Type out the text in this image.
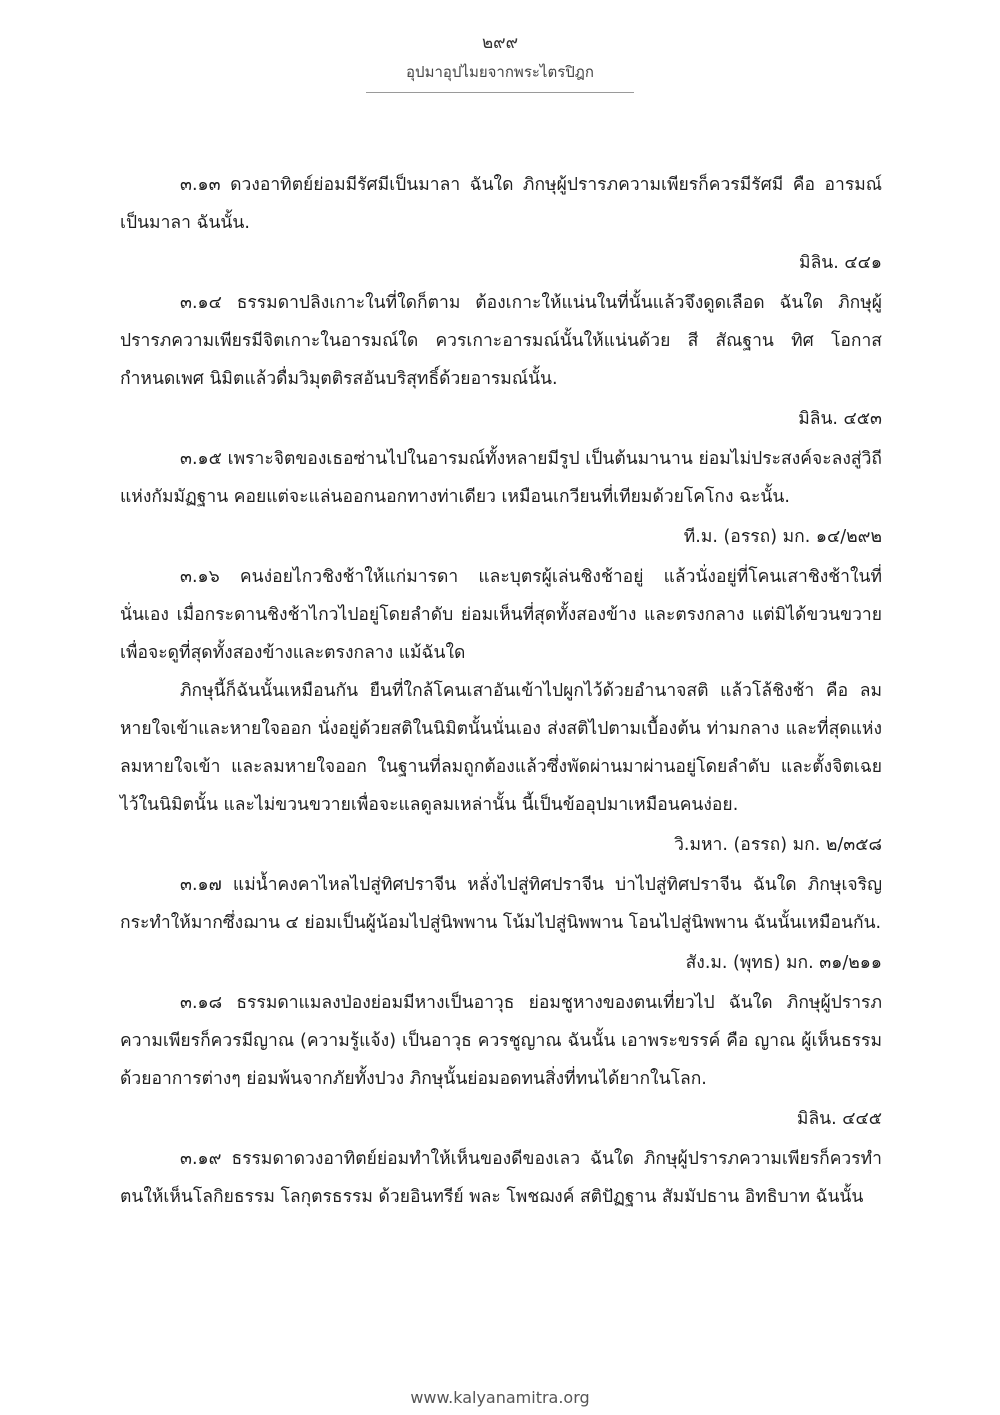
๒๙๙
อุปมาอุปไมยจากพระไตรปิฎก

๓.๑๓ ดวงอาทิตย์ย่อมมีรัศมีเป็นมาลา ฉันใด ภิกษุผู้ปรารภความเพียรก็ควรมีรัศมี คือ อารมณ์เป็นมาลา ฉันนั้น.

มิลิน. ๔๔๑

๓.๑๔ ธรรมดาปลิงเกาะในที่ใดก็ตาม ต้องเกาะให้แน่นในที่นั้นแล้วจึงดูดเลือด ฉันใด ภิกษุผู้ปรารภความเพียรมีจิตเกาะในอารมณ์ใด ควรเกาะอารมณ์นั้นให้แน่นด้วย สี สัณฐาน ทิศ โอกาส กำหนดเพศ นิมิตแล้วดื่มวิมุตติรสอันบริสุทธิ์ด้วยอารมณ์นั้น.

มิลิน. ๔๕๓

๓.๑๕ เพราะจิตของเธอซ่านไปในอารมณ์ทั้งหลายมีรูป เป็นต้นมานาน ย่อมไม่ประสงค์จะลงสู่วิถีแห่งกัมมัฏฐาน คอยแต่จะแล่นออกนอกทางท่าเดียว เหมือนเกวียนที่เทียมด้วยโคโกง ฉะนั้น.

ที.ม. (อรรถ) มก. ๑๔/๒๙๒

๓.๑๖ คนง่อยไกวชิงช้าให้แก่มารดา และบุตรผู้เล่นชิงช้าอยู่ แล้วนั่งอยู่ที่โคนเสาชิงช้าในที่นั่นเอง เมื่อกระดานชิงช้าไกวไปอยู่โดยลำดับ ย่อมเห็นที่สุดทั้งสองข้าง และตรงกลาง แต่มิได้ขวนขวายเพื่อจะดูที่สุดทั้งสองข้างและตรงกลาง แม้ฉันใด

ภิกษุนี้ก็ฉันนั้นเหมือนกัน ยืนที่ใกล้โคนเสาอันเข้าไปผูกไว้ด้วยอำนาจสติ แล้วโล้ชิงช้า คือ ลมหายใจเข้าและหายใจออก นั่งอยู่ด้วยสติในนิมิตนั้นนั่นเอง ส่งสติไปตามเบื้องต้น ท่ามกลาง และที่สุดแห่งลมหายใจเข้า และลมหายใจออก ในฐานที่ลมถูกต้องแล้วซึ่งพัดผ่านมาผ่านอยู่โดยลำดับ และตั้งจิตเฉยไว้ในนิมิตนั้น และไม่ขวนขวายเพื่อจะแลดูลมเหล่านั้น นี้เป็นข้ออุปมาเหมือนคนง่อย.

วิ.มหา. (อรรถ) มก. ๒/๓๕๘

๓.๑๗ แม่น้ำคงคาไหลไปสู่ทิศปราจีน หลั่งไปสู่ทิศปราจีน บ่าไปสู่ทิศปราจีน ฉันใด ภิกษุเจริญกระทำให้มากซึ่งฌาน ๔ ย่อมเป็นผู้น้อมไปสู่นิพพาน โน้มไปสู่นิพพาน โอนไปสู่นิพพาน ฉันนั้นเหมือนกัน.

สัง.ม. (พุทธ) มก. ๓๑/๒๑๑

๓.๑๘ ธรรมดาแมลงป่องย่อมมีหางเป็นอาวุธ ย่อมชูหางของตนเที่ยวไป ฉันใด ภิกษุผู้ปรารภความเพียรก็ควรมีญาณ (ความรู้แจ้ง) เป็นอาวุธ ควรชูญาณ ฉันนั้น เอาพระขรรค์ คือ ญาณ ผู้เห็นธรรมด้วยอาการต่างๆ ย่อมพ้นจากภัยทั้งปวง ภิกษุนั้นย่อมอดทนสิ่งที่ทนได้ยากในโลก.

มิลิน. ๔๔๕

๓.๑๙ ธรรมดาดวงอาทิตย์ย่อมทำให้เห็นของดีของเลว ฉันใด ภิกษุผู้ปรารภความเพียรก็ควรทำตนให้เห็นโลกิยธรรม โลกุตรธรรม ด้วยอินทรีย์ พละ โพชฌงค์ สติปัฏฐาน สัมมัปธาน อิทธิบาท ฉันนั้น

www.kalyanamitra.org
